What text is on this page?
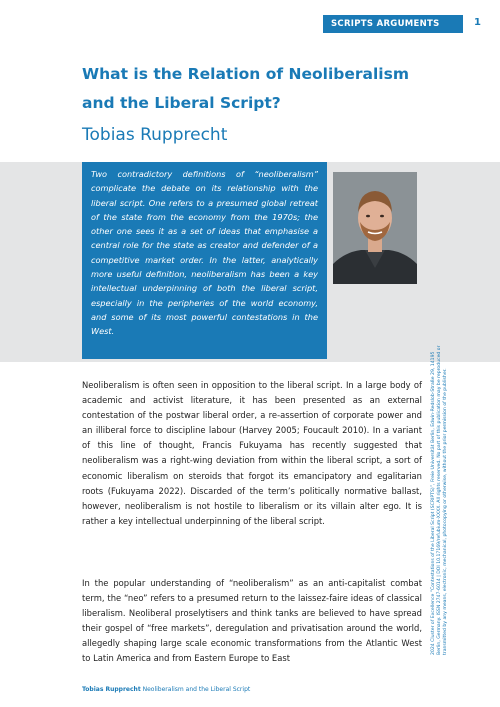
SCRIPTS ARGUMENTS	1
What is the Relation of Neoliberalism and the Liberal Script?
Tobias Rupprecht
Two contradictory definitions of “neoliberalism” complicate the debate on its relationship with the liberal script. One refers to a presumed global retreat of the state from the economy from the 1970s; the other one sees it as a set of ideas that emphasise a central role for the state as creator and defender of a competitive market order. In the latter, analytically more useful definition, neoliberalism has been a key intellectual underpinning of both the liberal script, especially in the peripheries of the world economy, and some of its most powerful contestations in the West.

Neoliberalism is often seen in opposition to the liberal script. In a large body of academic and activist literature, it has been presented as an external contestation of the postwar liberal order, a re-assertion of corporate power and an illiberal force to discipline labour (Harvey 2005; Foucault 2010). In a variant of this line of thought, Francis Fukuyama has recently suggested that neoliberalism was a right-wing deviation from within the liberal script, a sort of economic liberalism on steroids that forgot its emancipatory and egalitarian roots (Fukuyama 2022). Discarded of the term’s politically normative ballast, however, neoliberalism is not hostile to liberalism or its villain alter ego. It is rather a key intellectual underpinning of the liberal script.

In the popular understanding of “neoliberalism” as an anti-capitalist combat term, the “neo” refers to a presumed return to the laissez-faire ideas of classical liberalism. Neoliberal proselytisers and think tanks are believed to have spread their gospel of “free markets”, deregulation and privatisation around the world, allegedly shaping large scale economic transformations from the Atlantic West to Latin America and from Eastern Europe to East

2024 Cluster of Excellence “Contestations of the Liberal Script (SCRIPTS)”, Freie Universität Berlin, Edwin-Redslob-Straße 29, 14195 Berlin, Germany. ISSN 2747-6014 | DOI 10.17169/refubium-XXXX. All rights reserved. No part of this publication may be reproduced or transmitted by any means, electronic, mechanical, photocopying or otherwise, without the prior permission of the publisher.
Tobias Rupprecht Neoliberalism and the Liberal Script
